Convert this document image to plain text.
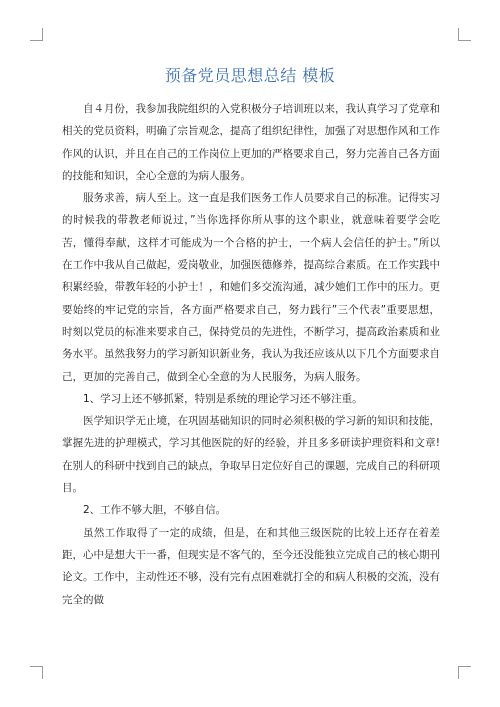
预备党员思想总结 模板

自４月份，我参加我院组织的入党积极分子培训班以来，我认真学习了党章和相关的党员资料，明确了宗旨观念，提高了组织纪律性，加强了对思想作风和工作作风的认识，并且在自己的工作岗位上更加的严格要求自己，努力完善自己各方面的技能和知识，全心全意的为病人服务。

服务求善，病人至上。这一直是我们医务工作人员要求自己的标准。记得实习的时候我的带教老师说过，”当你选择你所从事的这个职业，就意味着要学会吃苦，懂得奉献，这样才可能成为一个合格的护士，一个病人会信任的护士。”所以在工作中我从自己做起，爱岗敬业，加强医德修养，提高综合素质。在工作实践中积累经验，带教年轻的小护士！，和她们多交流沟通，减少她们工作中的压力。更要始终的牢记党的宗旨，各方面严格要求自己，努力践行”三个代表”重要思想，时刻以党员的标准来要求自己，保持党员的先进性，不断学习，提高政治素质和业务水平。虽然我努力的学习新知识新业务，我认为我还应该从以下几个方面要求自己，更加的完善自己，做到全心全意的为人民服务，为病人服务。

1、学习上还不够抓紧，特别是系统的理论学习还不够注重。

医学知识学无止境，在巩固基础知识的同时必须积极的学习新的知识和技能，掌握先进的护理模式，学习其他医院的好的经验，并且多多研读护理资料和文章!在别人的科研中找到自己的缺点，争取早日定位好自己的课题，完成自己的科研项目。

2、工作不够大胆，不够自信。

虽然工作取得了一定的成绩，但是，在和其他三级医院的比较上还存在着差距，心中是想大干一番，但现实是不客气的，至今还没能独立完成自己的核心期刊论文。工作中，主动性还不够，没有完有点困难就打全的和病人积极的交流，没有完全的做
